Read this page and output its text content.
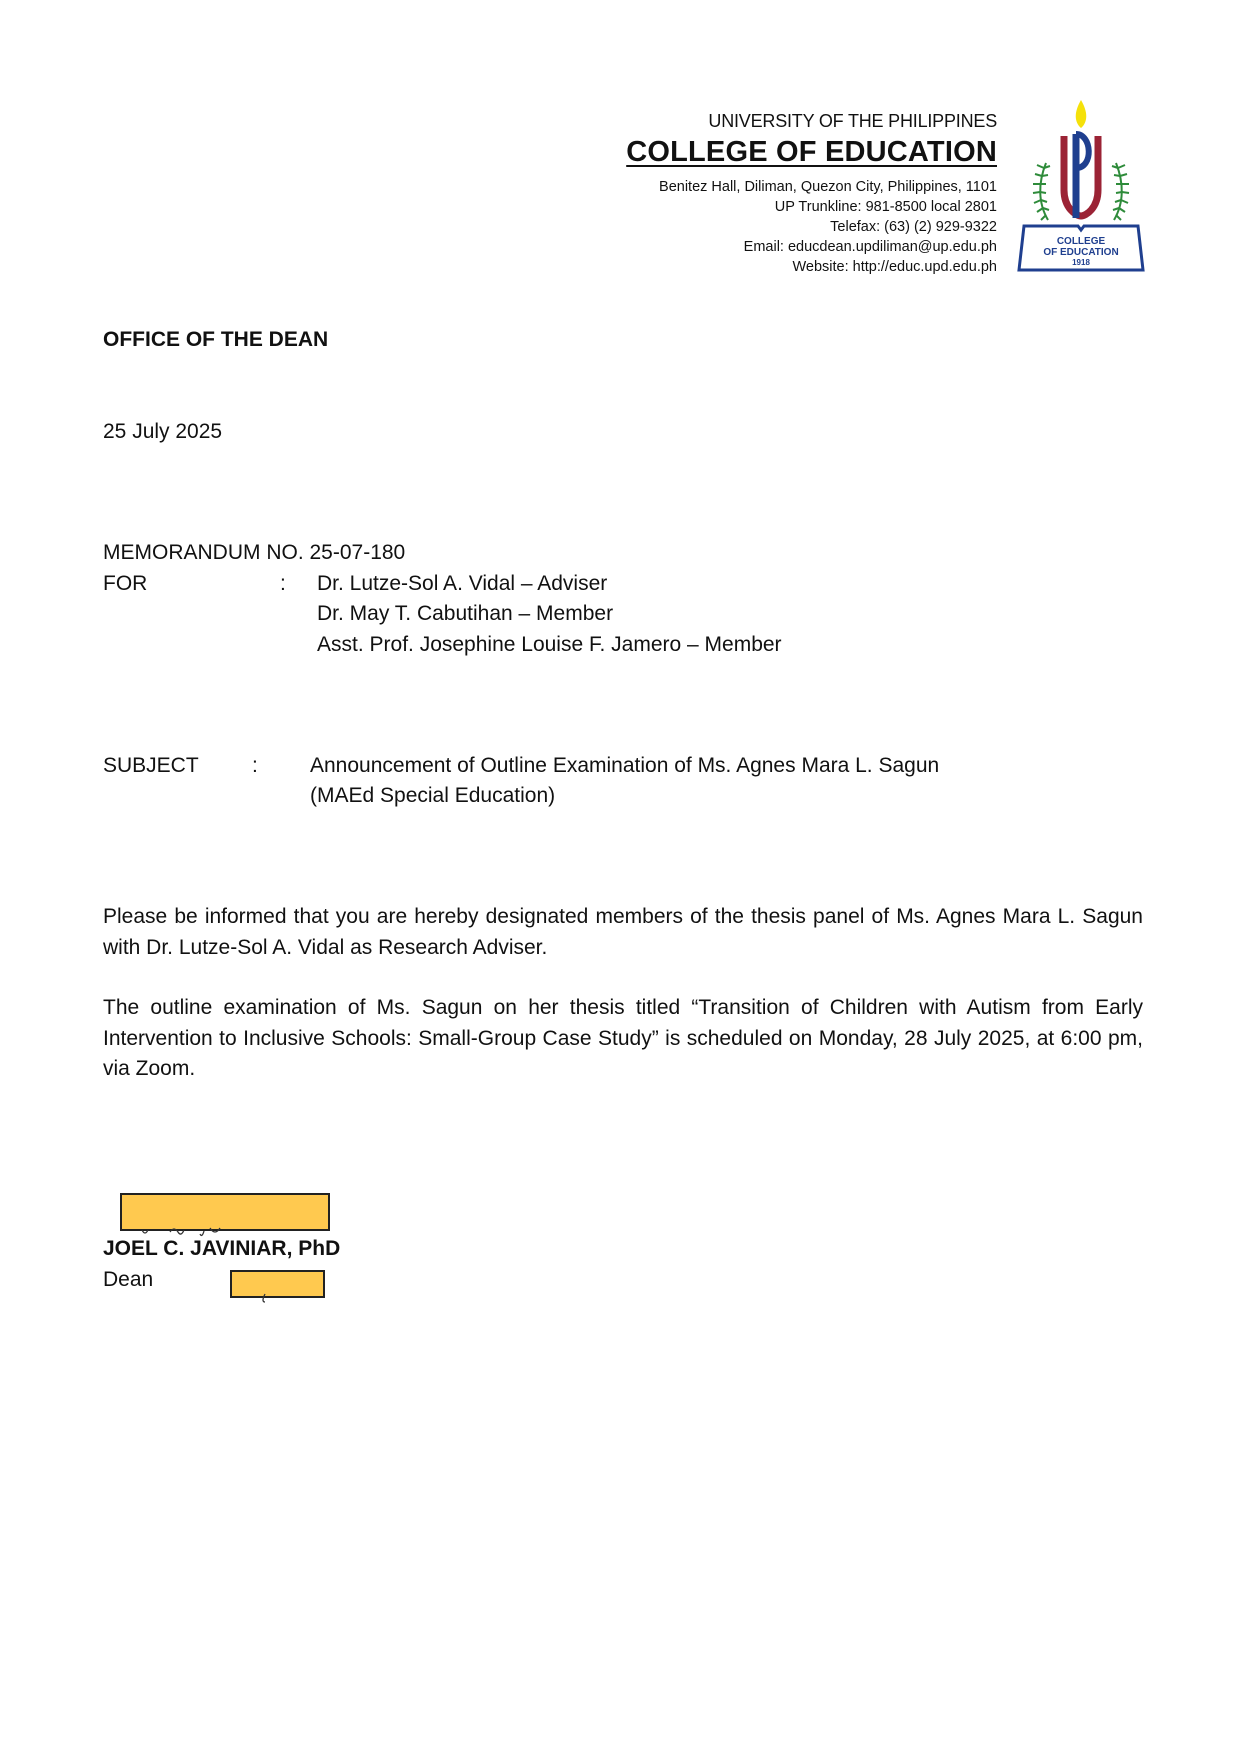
UNIVERSITY OF THE PHILIPPINES
COLLEGE OF EDUCATION
Benitez Hall, Diliman, Quezon City, Philippines, 1101
UP Trunkline: 981-8500 local 2801
Telefax: (63) (2) 929-9322
Email: educdean.updiliman@up.edu.ph
Website: http://educ.upd.edu.ph
COLLEGE
OF EDUCATION
1918
OFFICE OF THE DEAN
25 July 2025
MEMORANDUM NO. 25-07-180
FOR	: Dr. Lutze-Sol A. Vidal – Adviser
Dr. May T. Cabutihan – Member
Asst. Prof. Josephine Louise F. Jamero – Member
SUBJECT	: Announcement of Outline Examination of Ms. Agnes Mara L. Sagun
(MAEd Special Education)
Please be informed that you are hereby designated members of the thesis panel of Ms. Agnes Mara L. Sagun with Dr. Lutze-Sol A. Vidal as Research Adviser.
The outline examination of Ms. Sagun on her thesis titled “Transition of Children with Autism from Early Intervention to Inclusive Schools: Small-Group Case Study” is scheduled on Monday, 28 July 2025, at 6:00 pm, via Zoom.
JOEL C. JAVINIAR, PhD
Dean
